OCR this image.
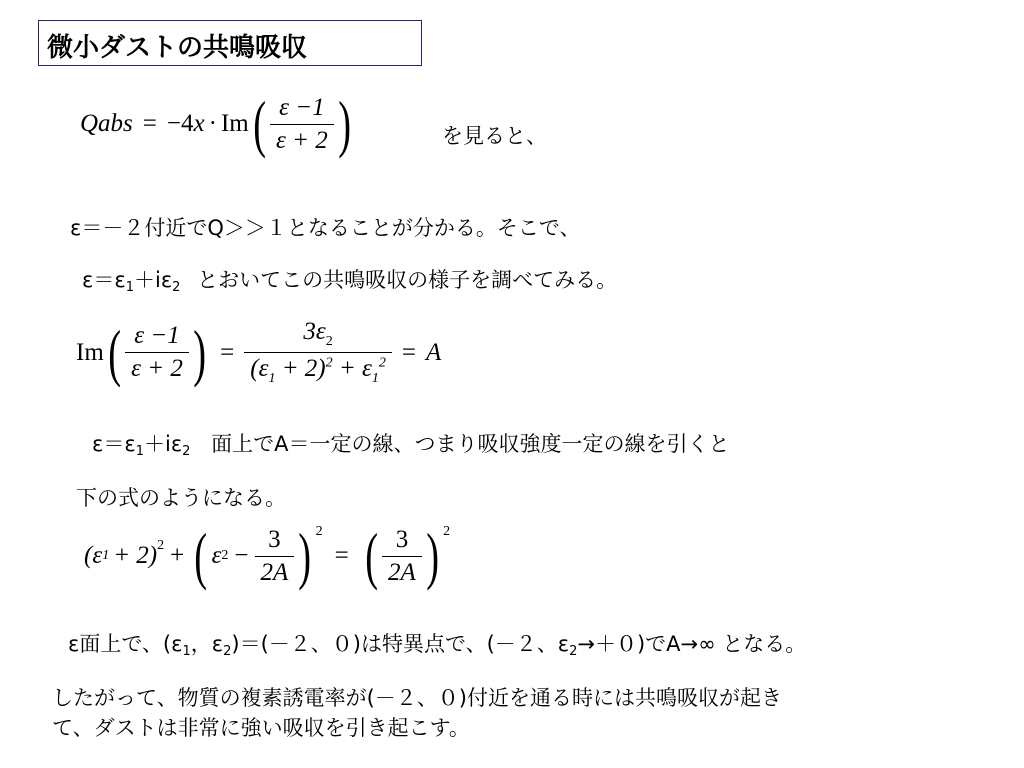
微小ダストの共鳴吸収
Qabs = −4 x · Im ( $\frac{\varepsilon -1}{\varepsilon + 2}$ )	を見ると、
ε＝－２付近でQ＞＞１となることが分かる。そこで、
ε＝ε1＋iε2 とおいてこの共鳴吸収の様子を調べてみる。
Im ( $\frac{\varepsilon -1}{\varepsilon + 2}$ ) = $\frac{3\varepsilon_2}{(\varepsilon_1 + 2)^2 + \varepsilon_1^2} = A$
ε＝ε1＋iε2 面上でA＝一定の線、つまり吸収強度一定の線を引くと
下の式のようになる。
(ε 1 + 2)$^2$ + ( ε $2 - \frac{3}{2A}$ ) $^2$
= ( $\frac{3}{2A}$ ) $^2$
ε面上で、(ε1，ε2)＝(－２、０)は特異点で、(－２、ε2→＋０)でA→∞ となる。
したがって、物質の複素誘電率が(－２、０)付近を通る時には共鳴吸収が起き
て、ダストは非常に強い吸収を引き起こす。
